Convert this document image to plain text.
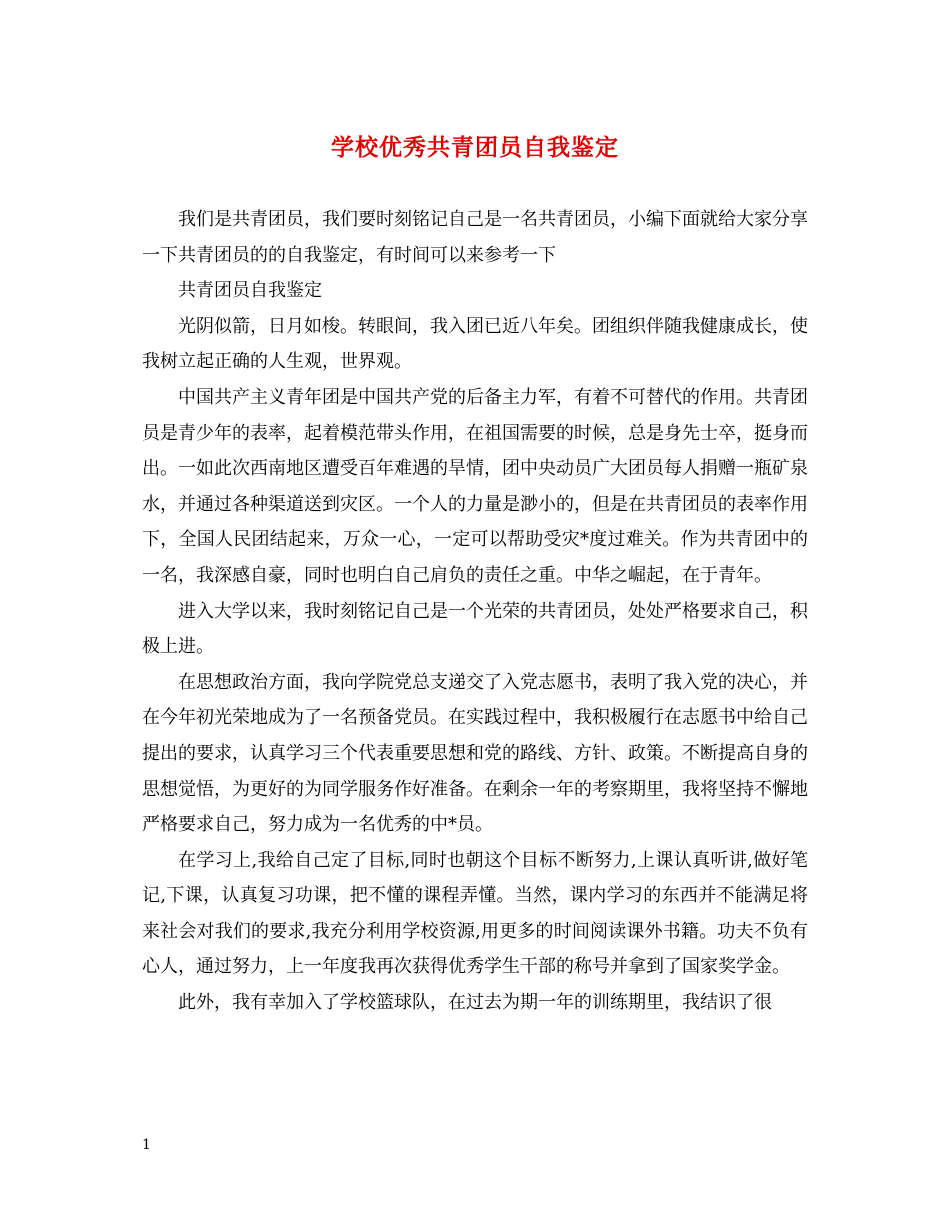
学校优秀共青团员自我鉴定

我们是共青团员，我们要时刻铭记自己是一名共青团员，小编下面就给大家分享一下共青团员的的自我鉴定，有时间可以来参考一下

共青团员自我鉴定

光阴似箭，日月如梭。转眼间，我入团已近八年矣。团组织伴随我健康成长，使我树立起正确的人生观，世界观。

中国共产主义青年团是中国共产党的后备主力军，有着不可替代的作用。共青团员是青少年的表率，起着模范带头作用，在祖国需要的时候，总是身先士卒，挺身而出。一如此次西南地区遭受百年难遇的旱情，团中央动员广大团员每人捐赠一瓶矿泉水，并通过各种渠道送到灾区。一个人的力量是渺小的，但是在共青团员的表率作用下，全国人民团结起来，万众一心，一定可以帮助受灾*度过难关。作为共青团中的一名，我深感自豪，同时也明白自己肩负的责任之重。中华之崛起，在于青年。

进入大学以来，我时刻铭记自己是一个光荣的共青团员，处处严格要求自己，积极上进。

在思想政治方面，我向学院党总支递交了入党志愿书，表明了我入党的决心，并在今年初光荣地成为了一名预备党员。在实践过程中，我积极履行在志愿书中给自己提出的要求，认真学习三个代表重要思想和党的路线、方针、政策。不断提高自身的思想觉悟，为更好的为同学服务作好准备。在剩余一年的考察期里，我将坚持不懈地严格要求自己，努力成为一名优秀的中*员。

在学习上,我给自己定了目标,同时也朝这个目标不断努力,上课认真听讲,做好笔记,下课，认真复习功课，把不懂的课程弄懂。当然，课内学习的东西并不能满足将来社会对我们的要求,我充分利用学校资源,用更多的时间阅读课外书籍。功夫不负有心人，通过努力，上一年度我再次获得优秀学生干部的称号并拿到了国家奖学金。

此外，我有幸加入了学校篮球队，在过去为期一年的训练期里，我结识了很

1
